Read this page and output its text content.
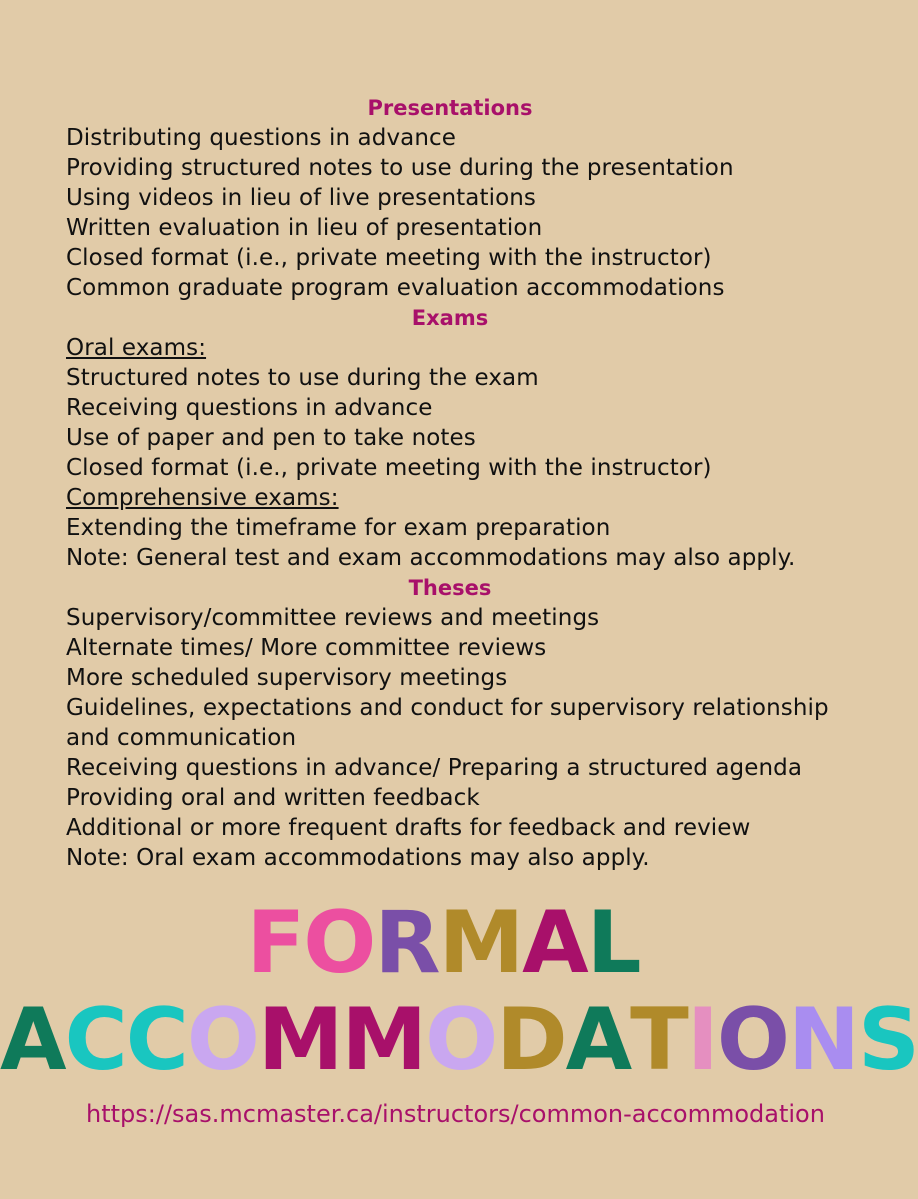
Presentations
Distributing questions in advance
Providing structured notes to use during the presentation
Using videos in lieu of live presentations
Written evaluation in lieu of presentation
Closed format (i.e., private meeting with the instructor)
Common graduate program evaluation accommodations
Exams
Oral exams:
Structured notes to use during the exam
Receiving questions in advance
Use of paper and pen to take notes
Closed format (i.e., private meeting with the instructor)
Comprehensive exams:
Extending the timeframe for exam preparation
Note: General test and exam accommodations may also apply.
Theses
Supervisory/committee reviews and meetings
Alternate times/ More committee reviews
More scheduled supervisory meetings
Guidelines, expectations and conduct for supervisory relationship and communication
Receiving questions in advance/ Preparing a structured agenda
Providing oral and written feedback
Additional or more frequent drafts for feedback and review
Note: Oral exam accommodations may also apply.
FORMAL
ACCOMMODATIONS
https://sas.mcmaster.ca/instructors/common-accommodation
